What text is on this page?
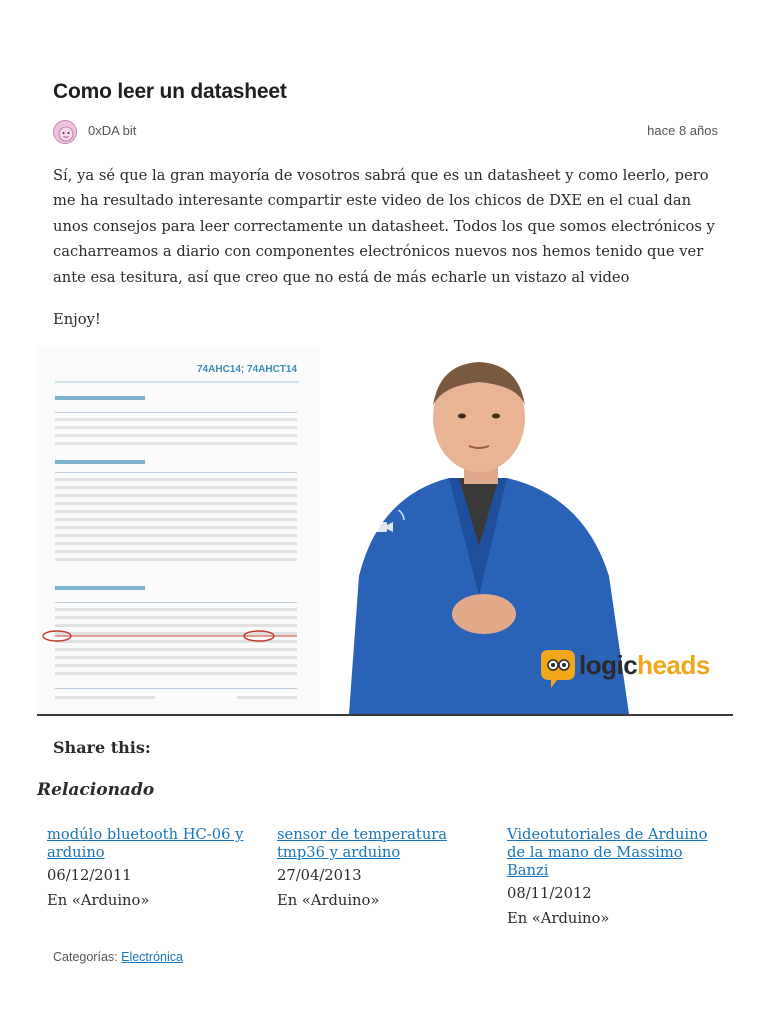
Como leer un datasheet
0xDA bit	hace 8 años

Sí, ya sé que la gran mayoría de vosotros sabrá que es un datasheet y como leerlo, pero me ha resultado interesante compartir este video de los chicos de DXE en el cual dan unos consejos para leer correctamente un datasheet. Todos los que somos electrónicos y cacharreamos a diario con componentes electrónicos nuevos nos hemos tenido que ver ante esa tesitura, así que creo que no está de más echarle un vistazo al video

Enjoy!

74AHC14; 74AHCT14
logicheads
Share this:
Relacionado
modúlo bluetooth HC-06 y arduino
06/12/2011
En «Arduino»
sensor de temperatura tmp36 y arduino
27/04/2013
En «Arduino»
Videotutoriales de Arduino de la mano de Massimo Banzi
08/11/2012
En «Arduino»
Categorías: Electrónica
